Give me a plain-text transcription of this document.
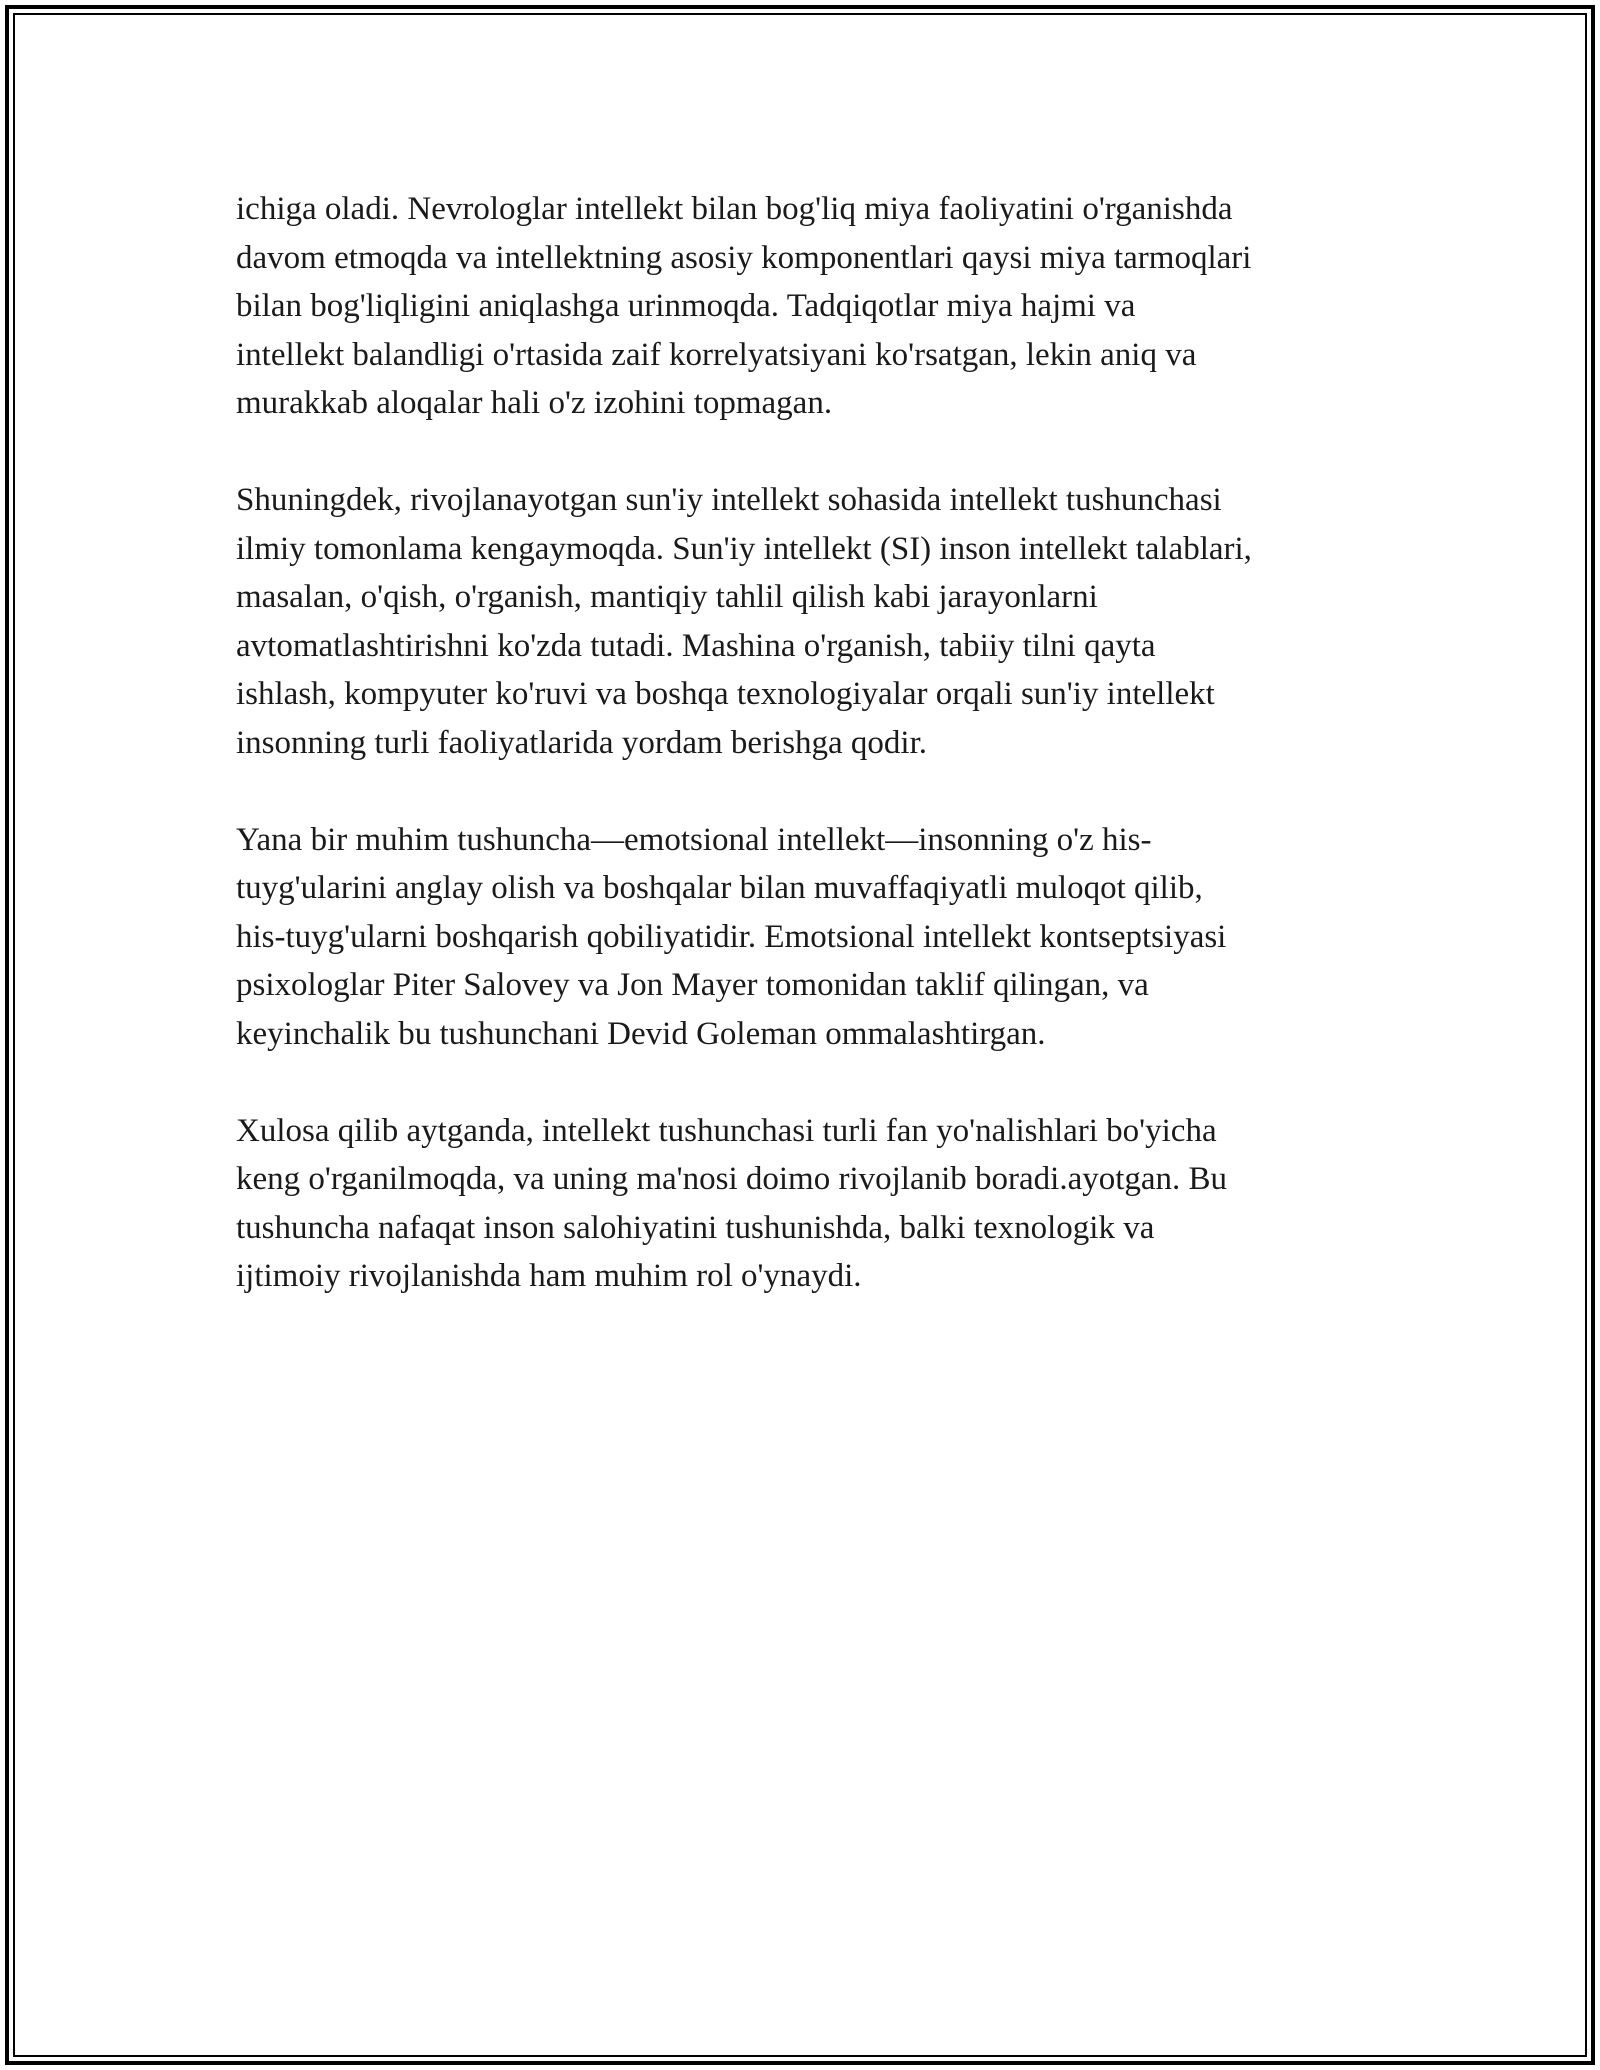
ichiga oladi. Nevrologlar intellekt bilan bog'liq miya faoliyatini o'rganishda
davom etmoqda va intellektning asosiy komponentlari qaysi miya tarmoqlari
bilan bog'liqligini aniqlashga urinmoqda. Tadqiqotlar miya hajmi va
intellekt balandligi o'rtasida zaif korrelyatsiyani ko'rsatgan, lekin aniq va
murakkab aloqalar hali o'z izohini topmagan.

Shuningdek, rivojlanayotgan sun'iy intellekt sohasida intellekt tushunchasi
ilmiy tomonlama kengaymoqda. Sun'iy intellekt (SI) inson intellekt talablari,
masalan, o'qish, o'rganish, mantiqiy tahlil qilish kabi jarayonlarni
avtomatlashtirishni ko'zda tutadi. Mashina o'rganish, tabiiy tilni qayta
ishlash, kompyuter ko'ruvi va boshqa texnologiyalar orqali sun'iy intellekt
insonning turli faoliyatlarida yordam berishga qodir.

Yana bir muhim tushuncha—emotsional intellekt—insonning o'z his-
tuyg'ularini anglay olish va boshqalar bilan muvaffaqiyatli muloqot qilib,
his-tuyg'ularni boshqarish qobiliyatidir. Emotsional intellekt kontseptsiyasi
psixologlar Piter Salovey va Jon Mayer tomonidan taklif qilingan, va
keyinchalik bu tushunchani Devid Goleman ommalashtirgan.

Xulosa qilib aytganda, intellekt tushunchasi turli fan yo'nalishlari bo'yicha
keng o'rganilmoqda, va uning ma'nosi doimo rivojlanib boradi.ayotgan. Bu
tushuncha nafaqat inson salohiyatini tushunishda, balki texnologik va
ijtimoiy rivojlanishda ham muhim rol o'ynaydi.
